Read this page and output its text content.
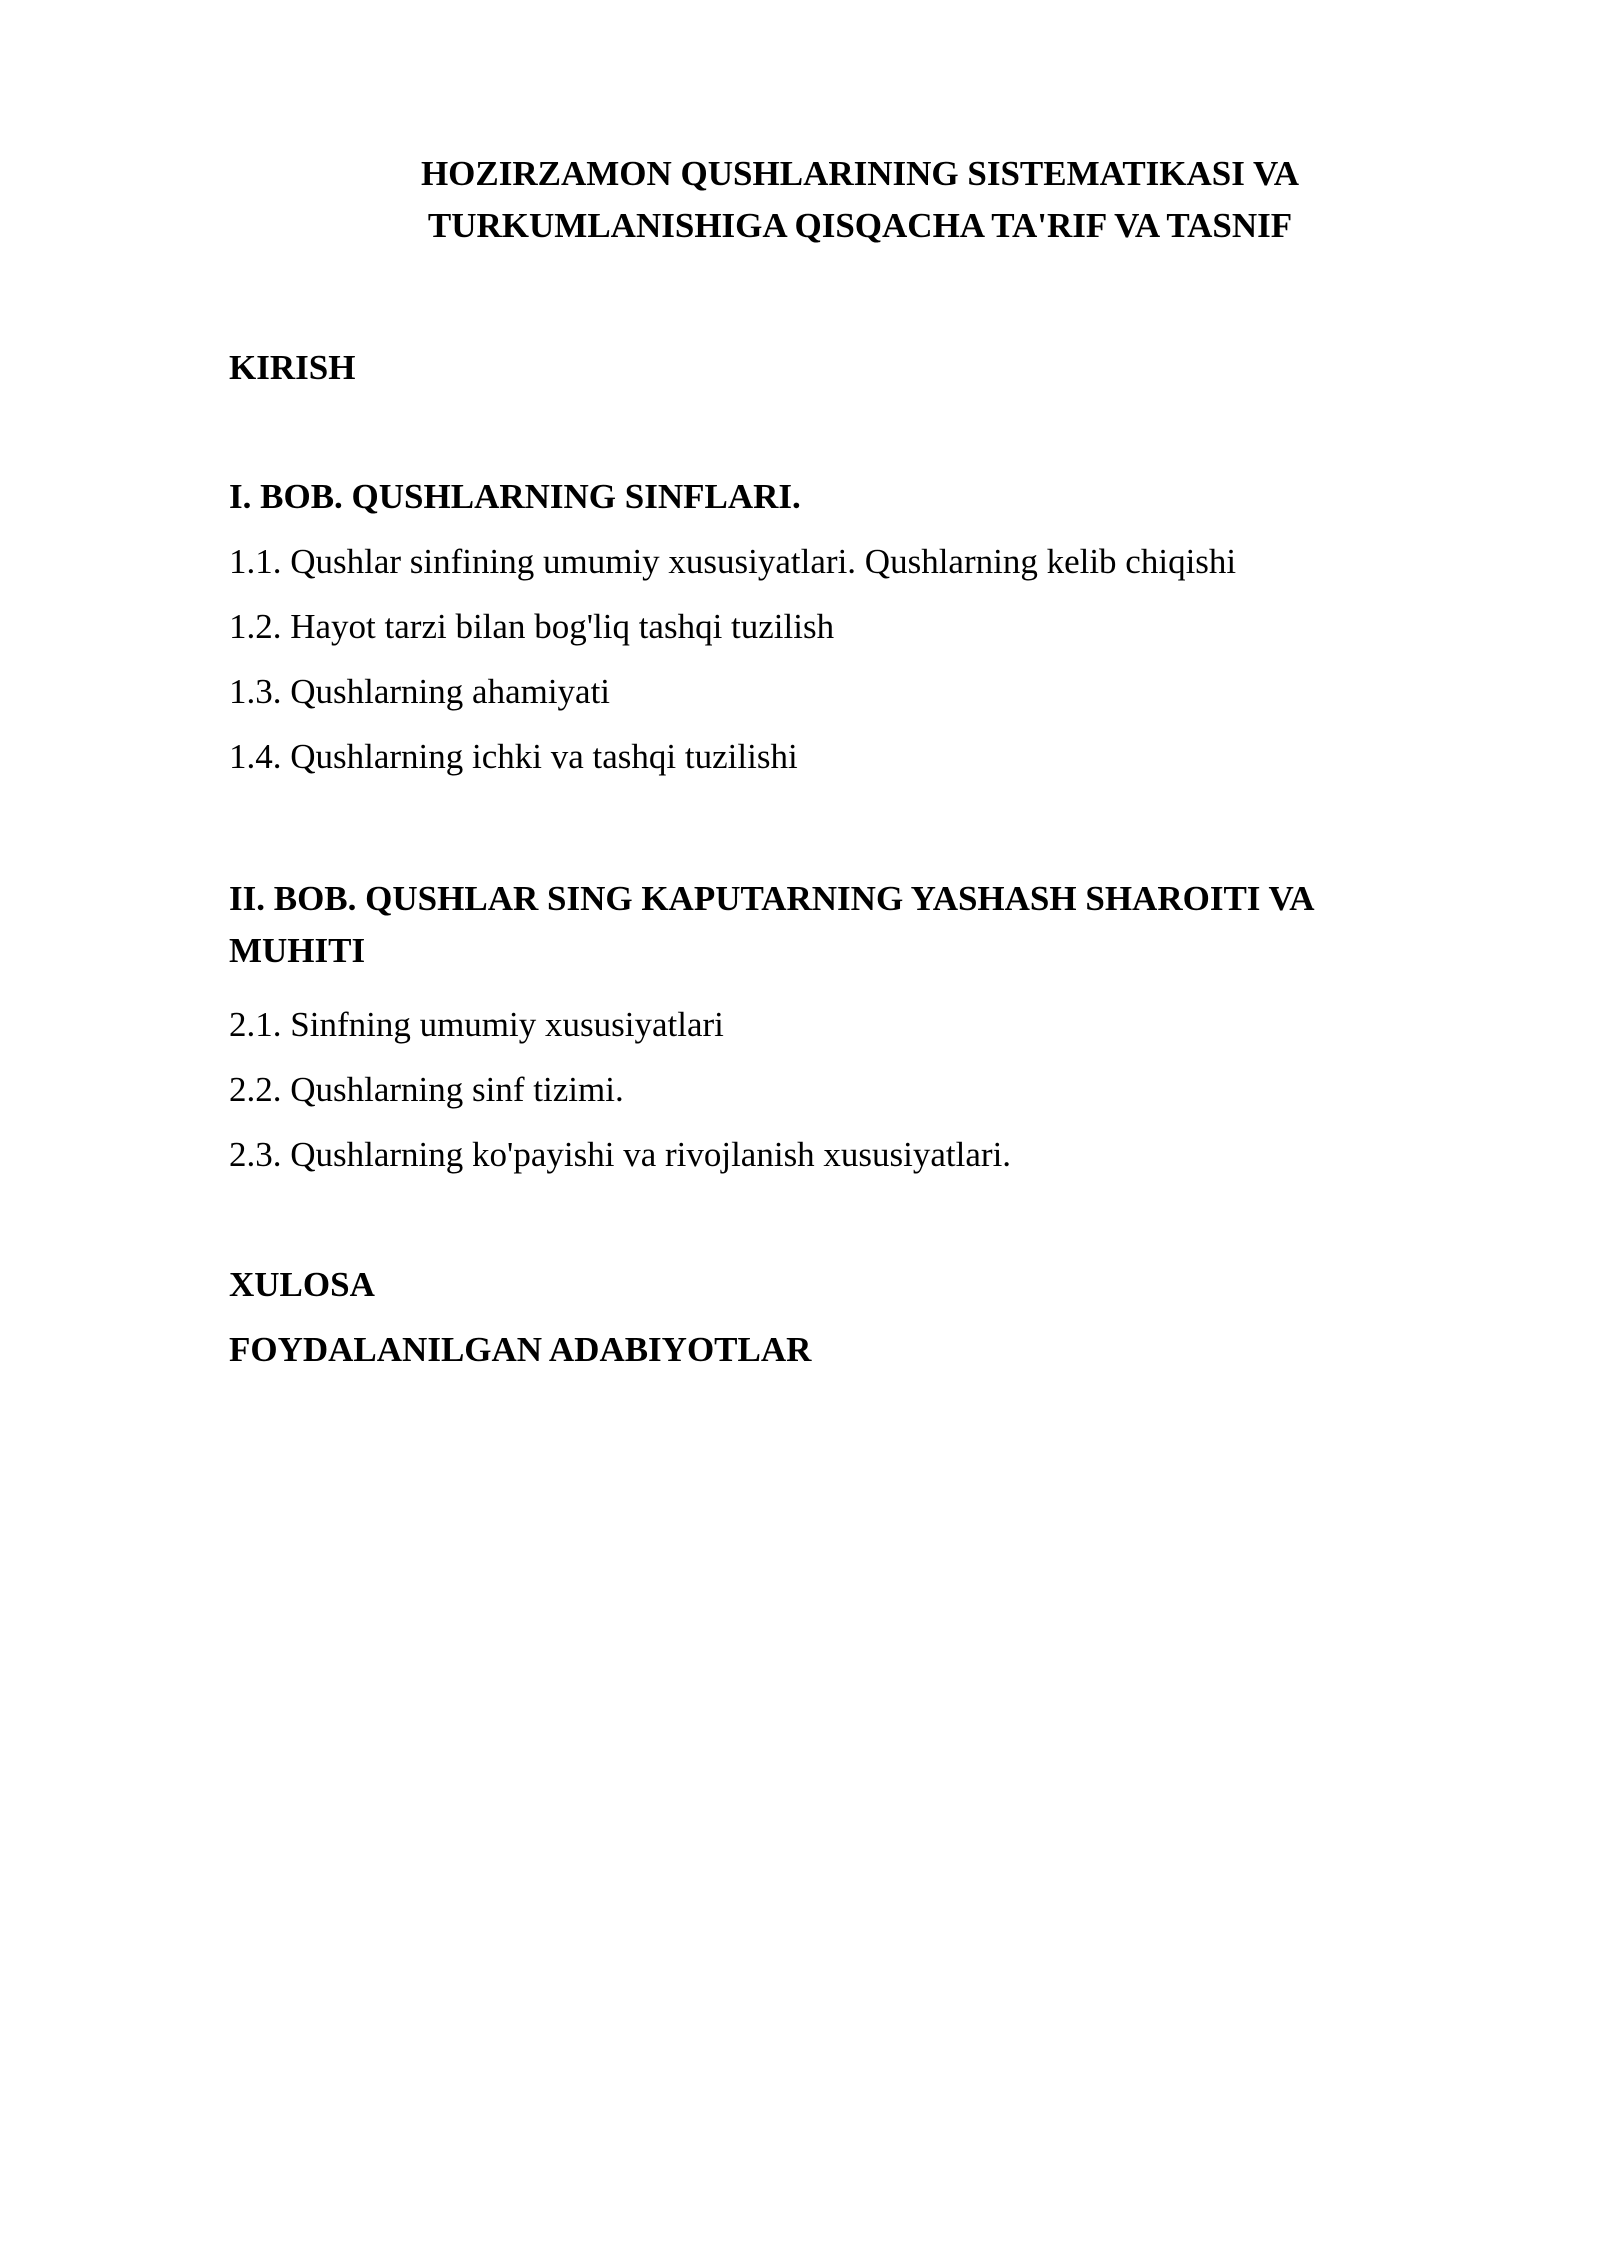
HOZIRZAMON QUSHLARINING SISTEMATIKASI VA
TURKUMLANISHIGA QISQACHA TA'RIF VA TASNIF
KIRISH
I. BOB. QUSHLARNING SINFLARI.
1.1. Qushlar sinfining umumiy xususiyatlari. Qushlarning kelib chiqishi
1.2. Hayot tarzi bilan bog'liq tashqi tuzilish
1.3. Qushlarning ahamiyati
1.4. Qushlarning ichki va tashqi tuzilishi
II. BOB. QUSHLAR SING KAPUTARNING YASHASH SHAROITI VA
MUHITI
2.1. Sinfning umumiy xususiyatlari
2.2. Qushlarning sinf tizimi.
2.3. Qushlarning ko'payishi va rivojlanish xususiyatlari.
XULOSA
FOYDALANILGAN ADABIYOTLAR
